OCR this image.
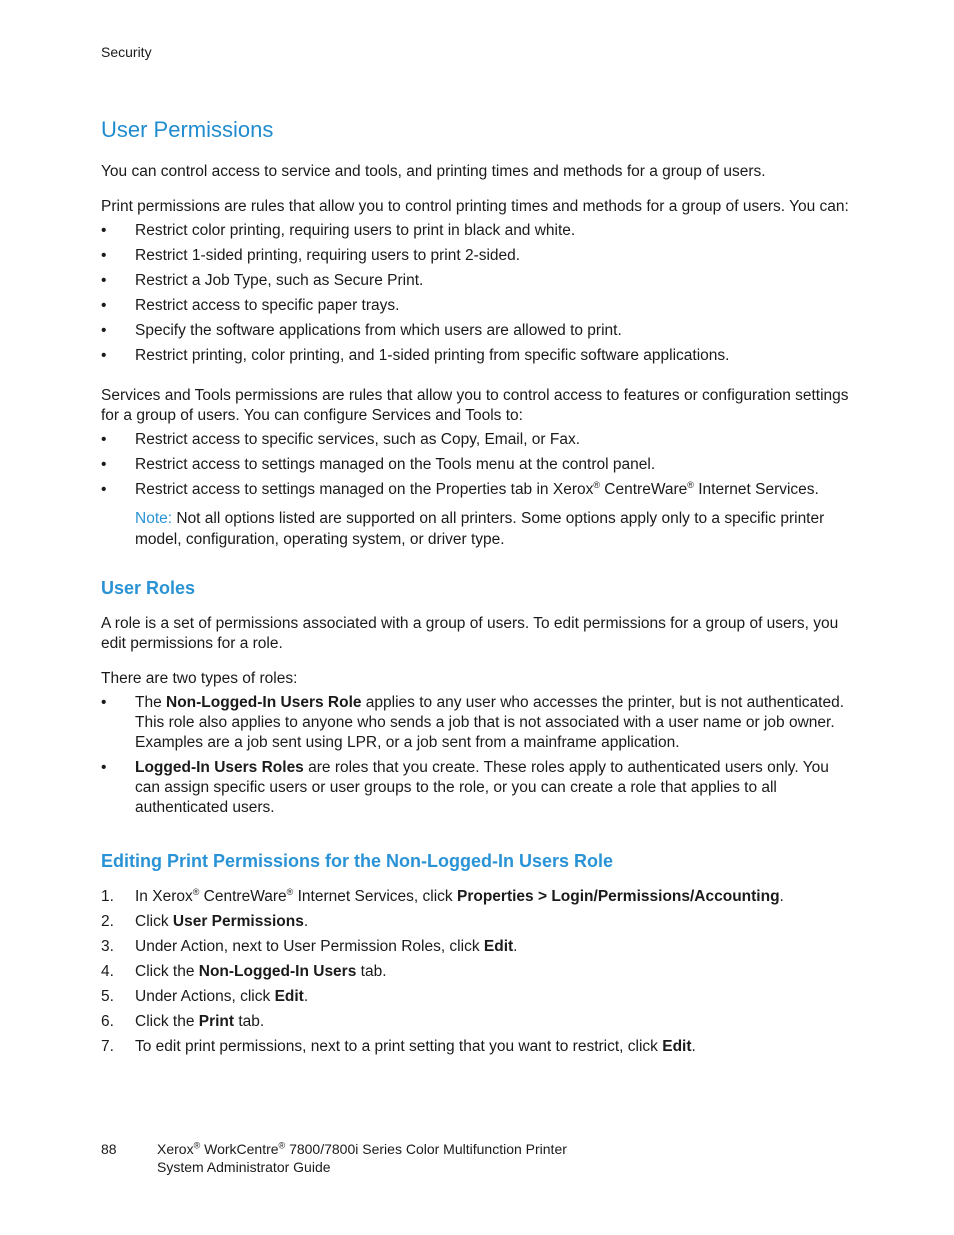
Security
User Permissions

You can control access to service and tools, and printing times and methods for a group of users.

Print permissions are rules that allow you to control printing times and methods for a group of users. You can:

• Restrict color printing, requiring users to print in black and white.
• Restrict 1-sided printing, requiring users to print 2-sided.
• Restrict a Job Type, such as Secure Print.
• Restrict access to specific paper trays.
• Specify the software applications from which users are allowed to print.
• Restrict printing, color printing, and 1-sided printing from specific software applications.

Services and Tools permissions are rules that allow you to control access to features or configuration settings for a group of users. You can configure Services and Tools to:

• Restrict access to specific services, such as Copy, Email, or Fax.
• Restrict access to settings managed on the Tools menu at the control panel.
• Restrict access to settings managed on the Properties tab in Xerox® CentreWare® Internet Services.

Note: Not all options listed are supported on all printers. Some options apply only to a specific printer model, configuration, operating system, or driver type.

User Roles

A role is a set of permissions associated with a group of users. To edit permissions for a group of users, you edit permissions for a role.

There are two types of roles:

• The Non-Logged-In Users Role applies to any user who accesses the printer, but is not authenticated. This role also applies to anyone who sends a job that is not associated with a user name or job owner. Examples are a job sent using LPR, or a job sent from a mainframe application.
• Logged-In Users Roles are roles that you create. These roles apply to authenticated users only. You can assign specific users or user groups to the role, or you can create a role that applies to all authenticated users.
Editing Print Permissions for the Non-Logged-In Users Role
1. In Xerox® CentreWare® Internet Services, click Properties > Login/Permissions/Accounting.
2. Click User Permissions.
3. Under Action, next to User Permission Roles, click Edit.
4. Click the Non-Logged-In Users tab.
5. Under Actions, click Edit.
6. Click the Print tab.
7. To edit print permissions, next to a print setting that you want to restrict, click Edit.
88	Xerox® WorkCentre® 7800/7800i Series Color Multifunction Printer
System Administrator Guide
